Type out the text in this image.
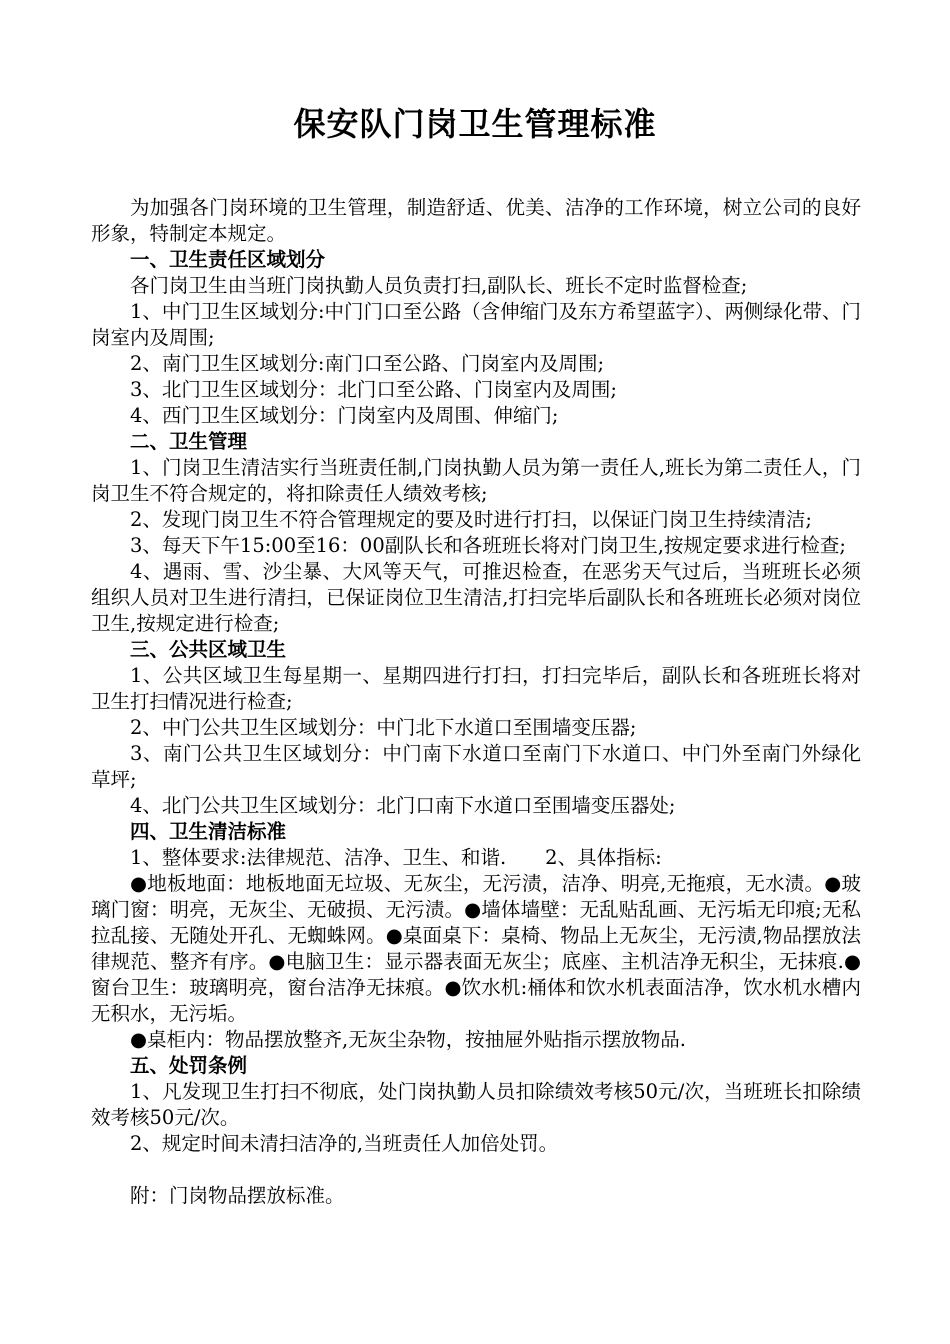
保安队门岗卫生管理标准

为加强各门岗环境的卫生管理，制造舒适、优美、洁净的工作环境，树立公司的良好形象，特制定本规定。

一、卫生责任区域划分

各门岗卫生由当班门岗执勤人员负责打扫,副队长、班长不定时监督检查;

1、中门卫生区域划分:中门门口至公路（含伸缩门及东方希望蓝字）、两侧绿化带、门岗室内及周围;

2、南门卫生区域划分:南门口至公路、门岗室内及周围;

3、北门卫生区域划分：北门口至公路、门岗室内及周围;

4、西门卫生区域划分：门岗室内及周围、伸缩门;

二、卫生管理

1、门岗卫生清洁实行当班责任制,门岗执勤人员为第一责任人,班长为第二责任人，门岗卫生不符合规定的，将扣除责任人绩效考核;

2、发现门岗卫生不符合管理规定的要及时进行打扫，以保证门岗卫生持续清洁;

3、每天下午15:00至16：00副队长和各班班长将对门岗卫生,按规定要求进行检查;

4、遇雨、雪、沙尘暴、大风等天气，可推迟检查，在恶劣天气过后，当班班长必须组织人员对卫生进行清扫，已保证岗位卫生清洁,打扫完毕后副队长和各班班长必须对岗位卫生,按规定进行检查;

三、公共区域卫生

1、公共区域卫生每星期一、星期四进行打扫，打扫完毕后，副队长和各班班长将对卫生打扫情况进行检查;

2、中门公共卫生区域划分：中门北下水道口至围墙变压器;

3、南门公共卫生区域划分：中门南下水道口至南门下水道口、中门外至南门外绿化草坪;

4、北门公共卫生区域划分：北门口南下水道口至围墙变压器处;

四、卫生清洁标准

1、整体要求:法律规范、洁净、卫生、和谐.　　2、具体指标:

●地板地面：地板地面无垃圾、无灰尘，无污渍，洁净、明亮,无拖痕，无水渍。●玻璃门窗：明亮，无灰尘、无破损、无污渍。●墙体墙壁：无乱贴乱画、无污垢无印痕;无私拉乱接、无随处开孔、无蜘蛛网。●桌面桌下：桌椅、物品上无灰尘，无污渍,物品摆放法律规范、整齐有序。●电脑卫生：显示器表面无灰尘；底座、主机洁净无积尘，无抹痕.●窗台卫生：玻璃明亮，窗台洁净无抹痕。●饮水机:桶体和饮水机表面洁净，饮水机水槽内无积水，无污垢。

●桌柜内：物品摆放整齐,无灰尘杂物，按抽屉外贴指示摆放物品.

五、处罚条例

1、凡发现卫生打扫不彻底，处门岗执勤人员扣除绩效考核50元/次，当班班长扣除绩效考核50元/次。

2、规定时间未清扫洁净的,当班责任人加倍处罚。

附：门岗物品摆放标准。
